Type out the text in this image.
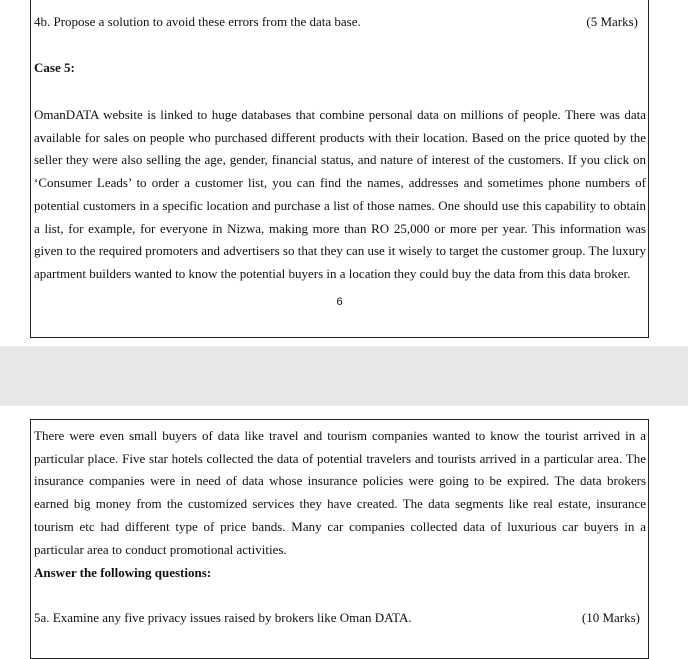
4b. Propose a solution to avoid these errors from the data base.	(5 Marks)
Case 5:
OmanDATA website is linked to huge databases that combine personal data on millions of people. There was data available for sales on people who purchased different products with their location. Based on the price quoted by the seller they were also selling the age, gender, financial status, and nature of interest of the customers. If you click on ‘Consumer Leads’ to order a customer list, you can find the names, addresses and sometimes phone numbers of potential customers in a specific location and purchase a list of those names. One should use this capability to obtain a list, for example, for everyone in Nizwa, making more than RO 25,000 or more per year. This information was given to the required promoters and advertisers so that they can use it wisely to target the customer group. The luxury apartment builders wanted to know the potential buyers in a location they could buy the data from this data broker.
6
There were even small buyers of data like travel and tourism companies wanted to know the tourist arrived in a particular place. Five star hotels collected the data of potential travelers and tourists arrived in a particular area. The insurance companies were in need of data whose insurance policies were going to be expired. The data brokers earned big money from the customized services they have created. The data segments like real estate, insurance tourism etc had different type of price bands. Many car companies collected data of luxurious car buyers in a particular area to conduct promotional activities.
Answer the following questions:
5a. Examine any five privacy issues raised by brokers like Oman DATA.	(10 Marks)
